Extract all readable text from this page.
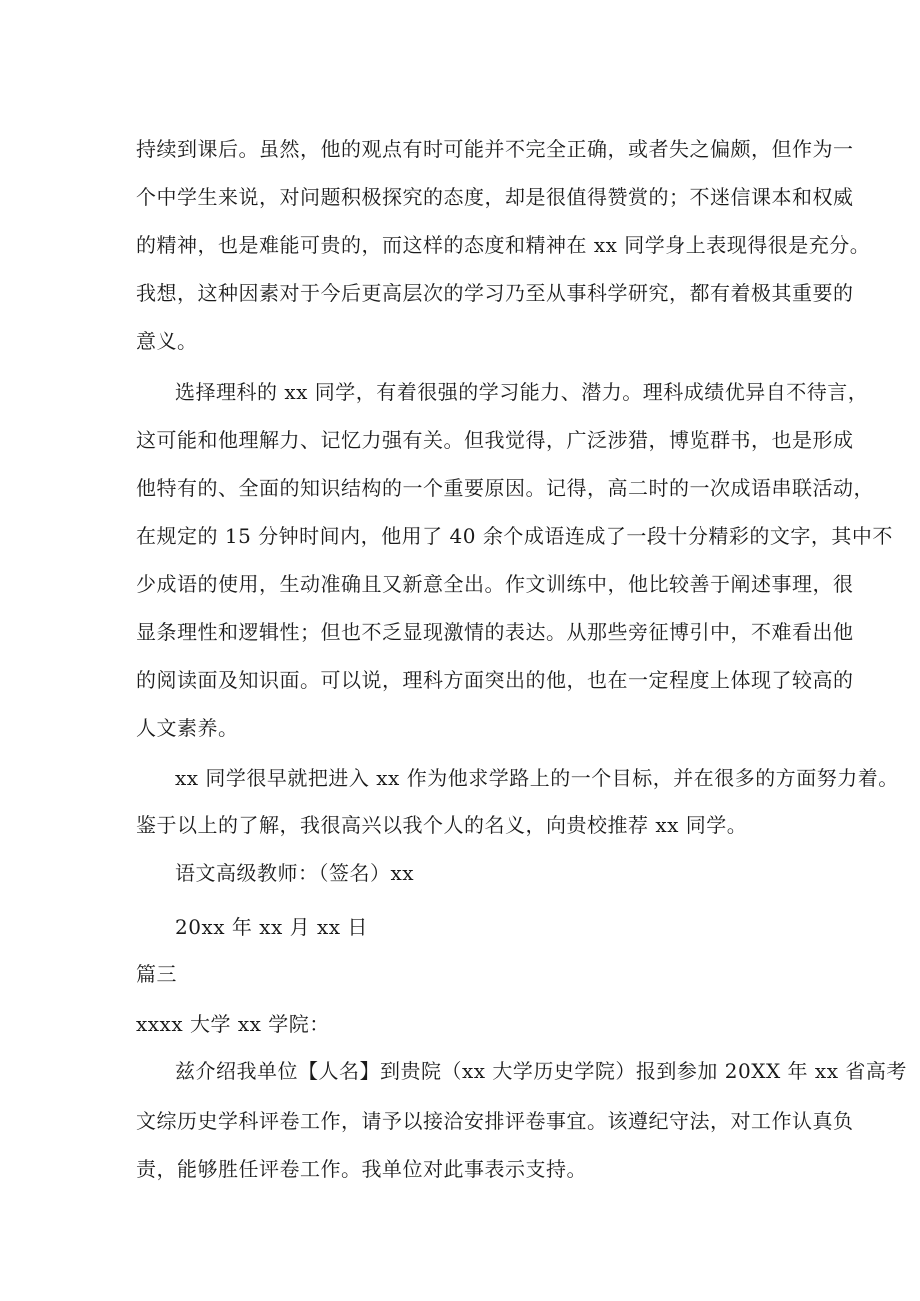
持续到课后。虽然，他的观点有时可能并不完全正确，或者失之偏颇，但作为一
个中学生来说，对问题积极探究的态度，却是很值得赞赏的；不迷信课本和权威
的精神，也是难能可贵的，而这样的态度和精神在 xx 同学身上表现得很是充分。
我想，这种因素对于今后更高层次的学习乃至从事科学研究，都有着极其重要的
意义。
选择理科的 xx 同学，有着很强的学习能力、潜力。理科成绩优异自不待言，
这可能和他理解力、记忆力强有关。但我觉得，广泛涉猎，博览群书，也是形成
他特有的、全面的知识结构的一个重要原因。记得，高二时的一次成语串联活动，
在规定的 15 分钟时间内，他用了 40 余个成语连成了一段十分精彩的文字，其中不
少成语的使用，生动准确且又新意全出。作文训练中，他比较善于阐述事理，很
显条理性和逻辑性；但也不乏显现激情的表达。从那些旁征博引中，不难看出他
的阅读面及知识面。可以说，理科方面突出的他，也在一定程度上体现了较高的
人文素养。
xx 同学很早就把进入 xx 作为他求学路上的一个目标，并在很多的方面努力着。
鉴于以上的了解，我很高兴以我个人的名义，向贵校推荐 xx 同学。
语文高级教师：（签名）xx
20xx 年 xx 月 xx 日
篇三
xxxx 大学 xx 学院：
兹介绍我单位【人名】到贵院（xx 大学历史学院）报到参加 20XX 年 xx 省高考
文综历史学科评卷工作，请予以接洽安排评卷事宜。该遵纪守法，对工作认真负
责，能够胜任评卷工作。我单位对此事表示支持。
